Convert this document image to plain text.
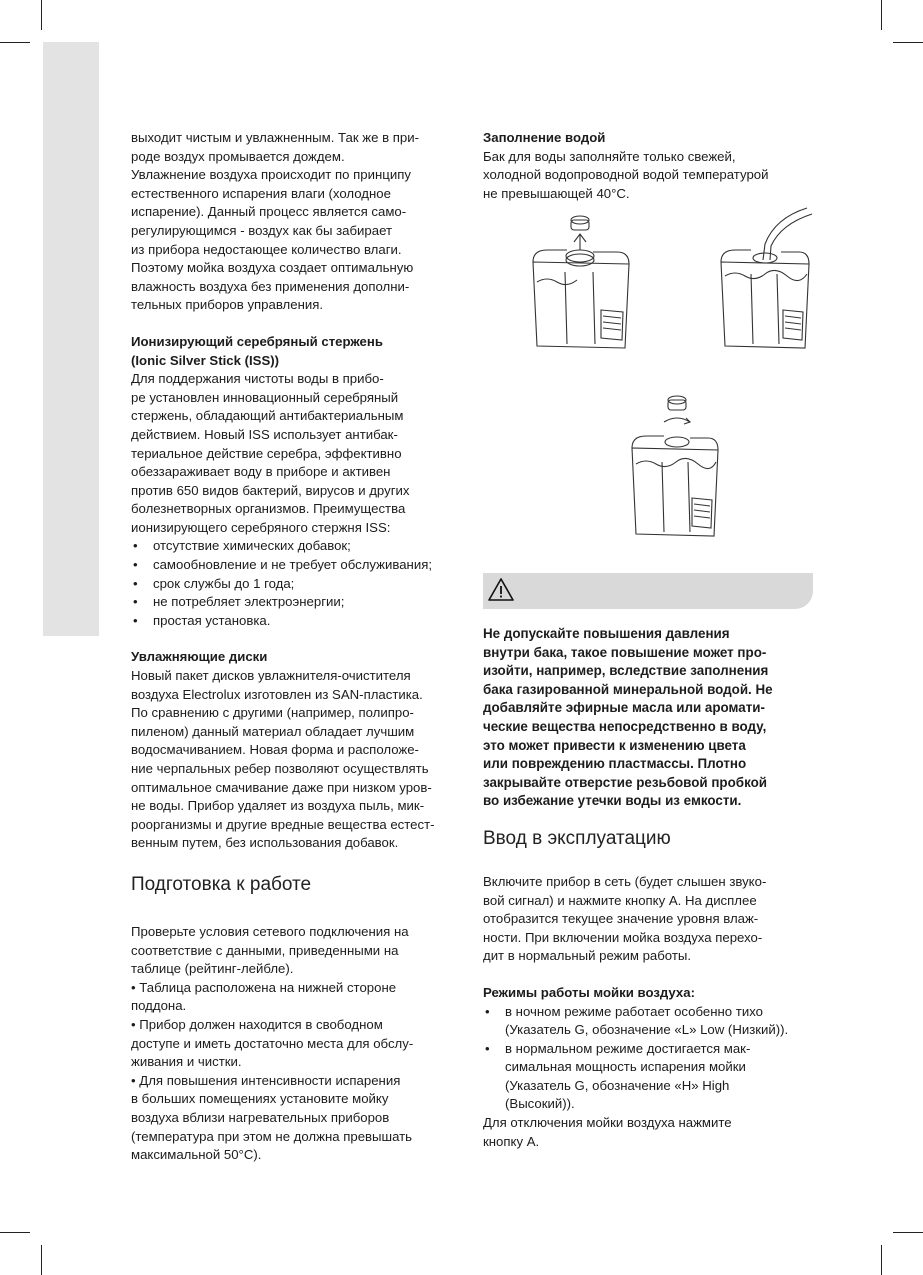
выходит чистым и увлажненным. Так же в при-
роде воздух промывается дождем.
Увлажнение воздуха происходит по принципу
естественного испарения влаги (холодное
испарение). Данный процесс является само-
регулирующимся - воздух как бы забирает
из прибора недостающее количество влаги.
Поэтому мойка воздуха создает оптимальную
влажность воздуха без применения дополни-
тельных приборов управления.
Ионизирующий серебряный стержень
(Ionic Silver Stick (ISS))
Для поддержания чистоты воды в прибо-
ре установлен инновационный серебряный
стержень, обладающий антибактериальным
действием. Новый ISS использует антибак-
териальное действие серебра, эффективно
обеззараживает воду в приборе и активен
против 650 видов бактерий, вирусов и других
болезнетворных организмов. Преимущества
ионизирующего серебряного стержня ISS:
• отсутствие химических добавок;
• самообновление и не требует обслуживания;
• срок службы до 1 года;
• не потребляет электроэнергии;
• простая установка.
Увлажняющие диски
Новый пакет дисков увлажнителя-очистителя
воздуха Electrolux изготовлен из SAN-пластика.
По сравнению с другими (например, полипро-
пиленом) данный материал обладает лучшим
водосмачиванием. Новая форма и расположе-
ние черпальных ребер позволяют осуществлять
оптимальное смачивание даже при низком уров-
не воды. Прибор удаляет из воздуха пыль, мик-
роорганизмы и другие вредные вещества естест-
венным путем, без использования добавок.
Подготовка к работе
Проверьте условия сетевого подключения на
соответствие с данными, приведенными на
таблице (рейтинг-лейбле).
• Таблица расположена на нижней стороне
поддона.
• Прибор должен находится в свободном
доступе и иметь достаточно места для обслу-
живания и чистки.
• Для повышения интенсивности испарения
в больших помещениях установите мойку
воздуха вблизи нагревательных приборов
(температура при этом не должна превышать
максимальной 50°С).
Заполнение водой
Бак для воды заполняйте только свежей,
холодной водопроводной водой температурой
не превышающей 40°С.
Не допускайте повышения давления
внутри бака, такое повышение может про-
изойти, например, вследствие заполнения
бака газированной минеральной водой. Не
добавляйте эфирные масла или аромати-
ческие вещества непосредственно в воду,
это может привести к изменению цвета
или повреждению пластмассы. Плотно
закрывайте отверстие резьбовой пробкой
во избежание утечки воды из емкости.
Ввод в эксплуатацию
Включите прибор в сеть (будет слышен звуко-
вой сигнал) и нажмите кнопку А. На дисплее
отобразится текущее значение уровня влаж-
ности. При включении мойка воздуха перехо-
дит в нормальный режим работы.
Режимы работы мойки воздуха:
• в ночном режиме работает особенно тихо
(Указатель G, обозначение «L» Low (Низкий)).
• в нормальном режиме достигается мак-
симальная мощность испарения мойки
(Указатель G, обозначение «H» High
(Высокий)).
Для отключения мойки воздуха нажмите
кнопку А.
